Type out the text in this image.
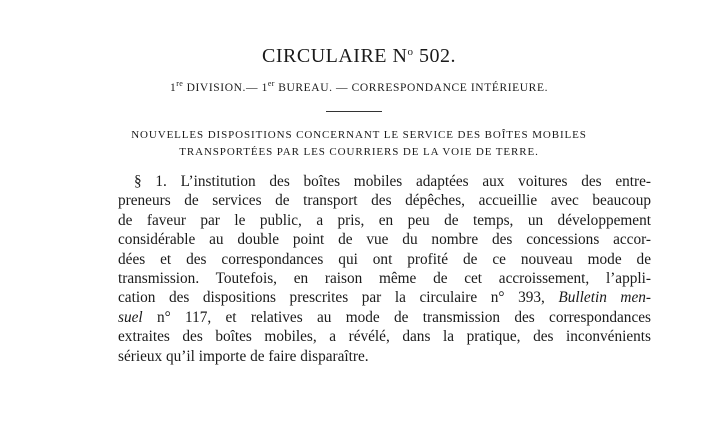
CIRCULAIRE $N^o$ 502.
1re DIVISION.— 1er BUREAU. — CORRESPONDANCE INTÉRIEURE.
NOUVELLES DISPOSITIONS CONCERNANT LE SERVICE DES BOÎTES MOBILES
TRANSPORTÉES PAR LES COURRIERS DE LA VOIE DE TERRE.
§ 1. L’institution des boîtes mobiles adaptées aux voitures des entre-
preneurs de services de transport des dépêches, accueillie avec beaucoup
de faveur par le public, a pris, en peu de temps, un développement
considérable au double point de vue du nombre des concessions accor-
dées et des correspondances qui ont profité de ce nouveau mode de
transmission. Toutefois, en raison même de cet accroissement, l’appli-
cation des dispositions prescrites par la circulaire n° 393, Bulletin men-
suel n° 117, et relatives au mode de transmission des correspondances
extraites des boîtes mobiles, a révélé, dans la pratique, des inconvénients
sérieux qu’il importe de faire disparaître.
